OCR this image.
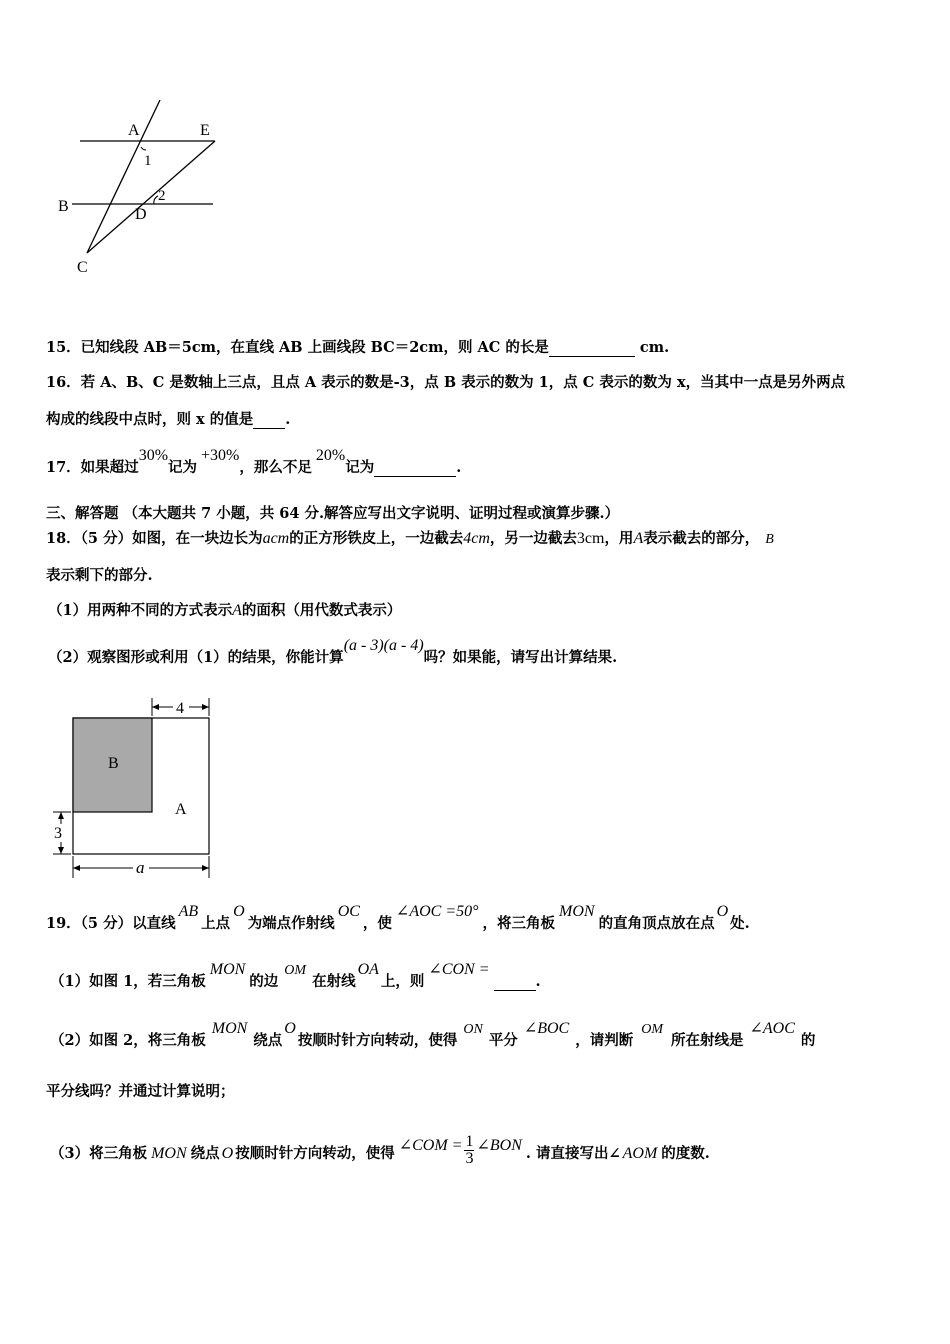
A	E
B	D
C
1
2
15．已知线段 AB＝5cm，在直线 AB 上画线段 BC＝2cm，则 AC 的长是	cm.
16．若 A、B、C 是数轴上三点，且点 A 表示的数是-3，点 B 表示的数为 1，点 C 表示的数为 x，当其中一点是另外两点
构成的线段中点时，则 x 的值是 .
17．如果超过30%记为+30%，那么不足20%记为	.
三、解答题 （本大题共 7 小题，共 64 分.解答应写出文字说明、证明过程或演算步骤.）
18．（5 分）如图，在一块边长为acm的正方形铁皮上，一边截去4cm，另一边截去3cm，用A表示截去的部分， B
表示剩下的部分.
（1）用两种不同的方式表示A的面积（用代数式表示）
（2）观察图形或利用（1）的结果，你能计算(a - 3)(a - 4)吗？如果能，请写出计算结果.
B
A
4
3
a
19．（5 分）以直线AB上点O为端点作射线OC，使∠AOC =50°，将三角板MON的直角顶点放在点O处.
（1）如图 1，若三角板MON的边OM在射线OA上，则∠CON = .
（2）如图 2，将三角板MON绕点O按顺时针方向转动，使得ON平分∠BOC，请判断OM所在射线是∠AOC的
平分线吗？并通过计算说明；
（3）将三角板 MON 绕点 O 按顺时针方向转动，使得 ∠COM = $\frac{1}{3}$ ∠BON . 请直接写出∠ AOM 的度数.
